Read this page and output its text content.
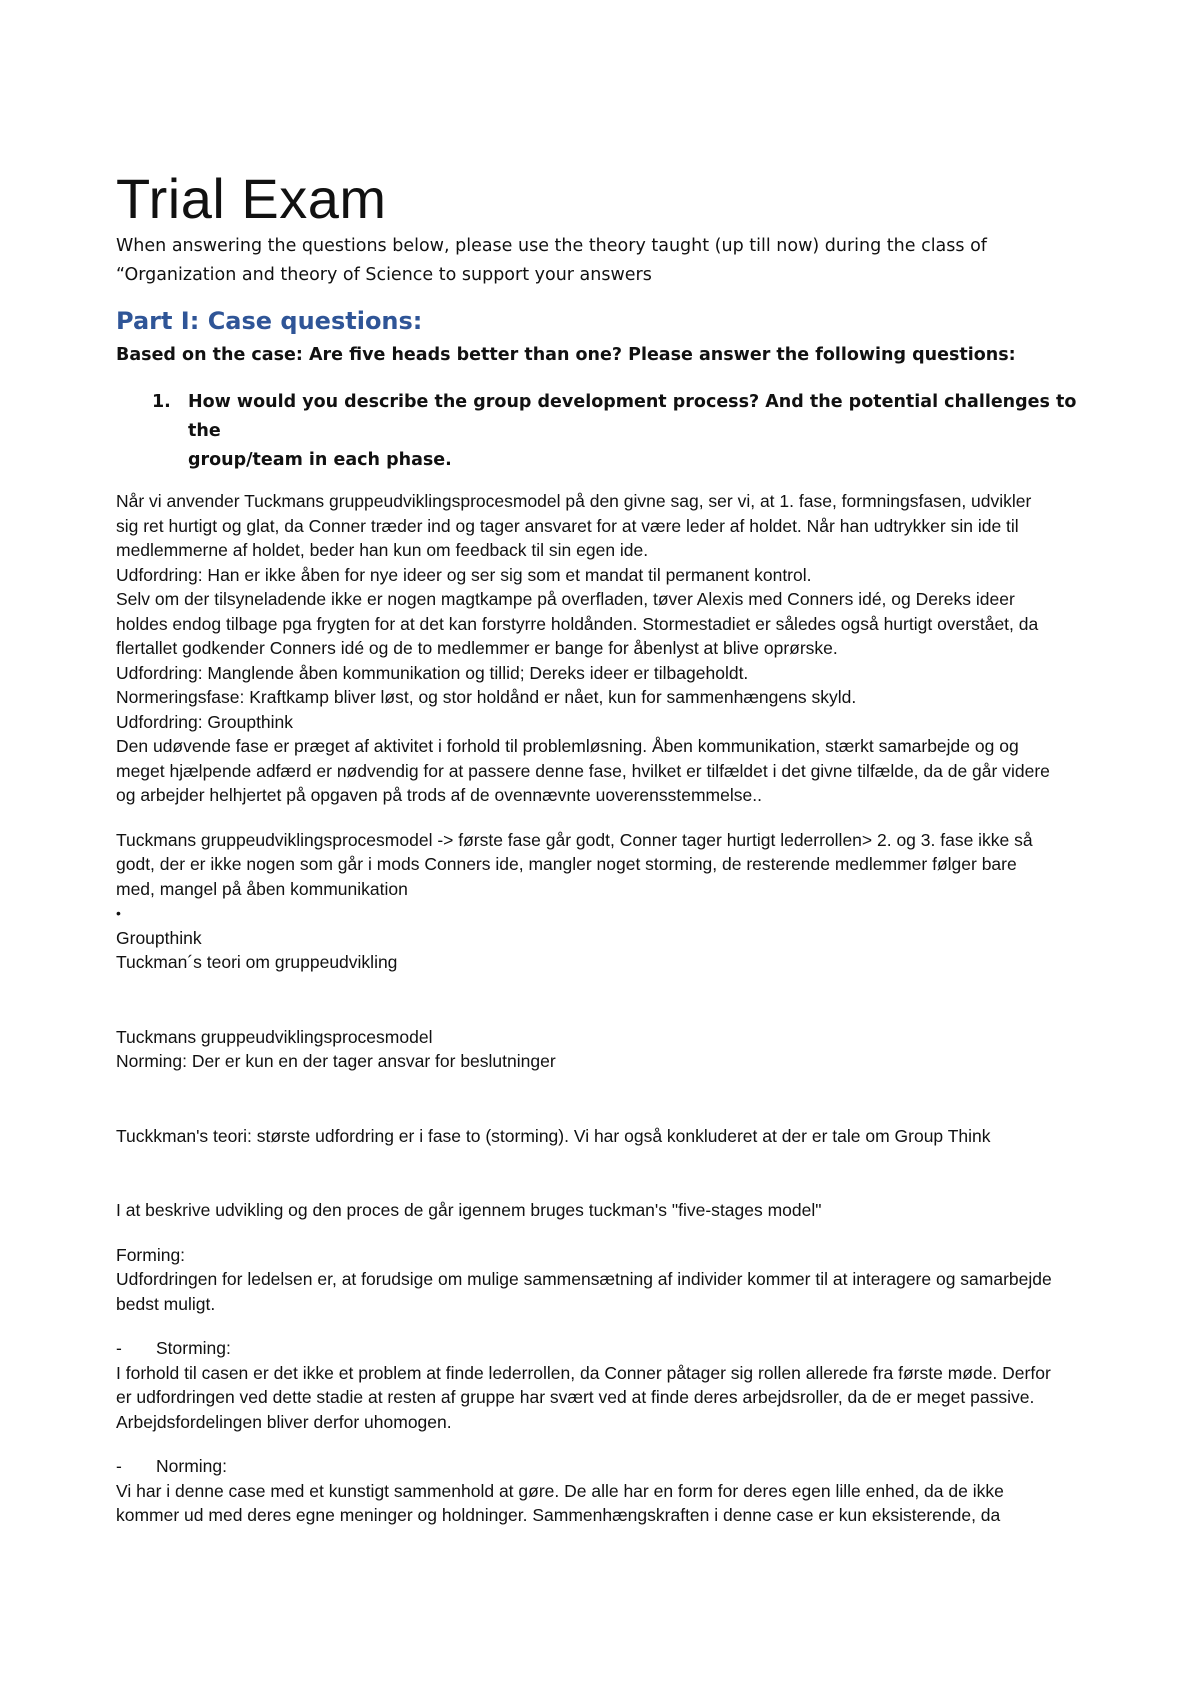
Trial Exam
When answering the questions below, please use the theory taught (up till now) during the class of
“Organization and theory of Science to support your answers
Part I: Case questions:

Based on the case: Are five heads better than one? Please answer the following questions:

1. How would you describe the group development process? And the potential challenges to the
group/team in each phase.

Når vi anvender Tuckmans gruppeudviklingsprocesmodel på den givne sag, ser vi, at 1. fase, formningsfasen, udvikler

sig ret hurtigt og glat, da Conner træder ind og tager ansvaret for at være leder af holdet. Når han udtrykker sin ide til

medlemmerne af holdet, beder han kun om feedback til sin egen ide.

Udfordring: Han er ikke åben for nye ideer og ser sig som et mandat til permanent kontrol.

Selv om der tilsyneladende ikke er nogen magtkampe på overfladen, tøver Alexis med Conners idé, og Dereks ideer

holdes endog tilbage pga frygten for at det kan forstyrre holdånden. Stormestadiet er således også hurtigt overstået, da

flertallet godkender Conners idé og de to medlemmer er bange for åbenlyst at blive oprørske.

Udfordring: Manglende åben kommunikation og tillid; Dereks ideer er tilbageholdt.

Normeringsfase: Kraftkamp bliver løst, og stor holdånd er nået, kun for sammenhængens skyld.

Udfordring: Groupthink

Den udøvende fase er præget af aktivitet i forhold til problemløsning. Åben kommunikation, stærkt samarbejde og og

meget hjælpende adfærd er nødvendig for at passere denne fase, hvilket er tilfældet i det givne tilfælde, da de går videre

og arbejder helhjertet på opgaven på trods af de ovennævnte uoverensstemmelse..

Tuckmans gruppeudviklingsprocesmodel -> første fase går godt, Conner tager hurtigt lederrollen> 2. og 3. fase ikke så

godt, der er ikke nogen som går i mods Conners ide, mangler noget storming, de resterende medlemmer følger bare

med, mangel på åben kommunikation

•

Groupthink

Tuckman´s teori om gruppeudvikling

Tuckmans gruppeudviklingsprocesmodel

Norming: Der er kun en der tager ansvar for beslutninger

Tuckkman's teori: største udfordring er i fase to (storming). Vi har også konkluderet at der er tale om Group Think

I at beskrive udvikling og den proces de går igennem bruges tuckman's "five-stages model"

Forming:

Udfordringen for ledelsen er, at forudsige om mulige sammensætning af individer kommer til at interagere og samarbejde

bedst muligt.

-	Storming:

I forhold til casen er det ikke et problem at finde lederrollen, da Conner påtager sig rollen allerede fra første møde. Derfor

er udfordringen ved dette stadie at resten af gruppe har svært ved at finde deres arbejdsroller, da de er meget passive.

Arbejdsfordelingen bliver derfor uhomogen.

-	Norming:

Vi har i denne case med et kunstigt sammenhold at gøre. De alle har en form for deres egen lille enhed, da de ikke

kommer ud med deres egne meninger og holdninger. Sammenhængskraften i denne case er kun eksisterende, da
